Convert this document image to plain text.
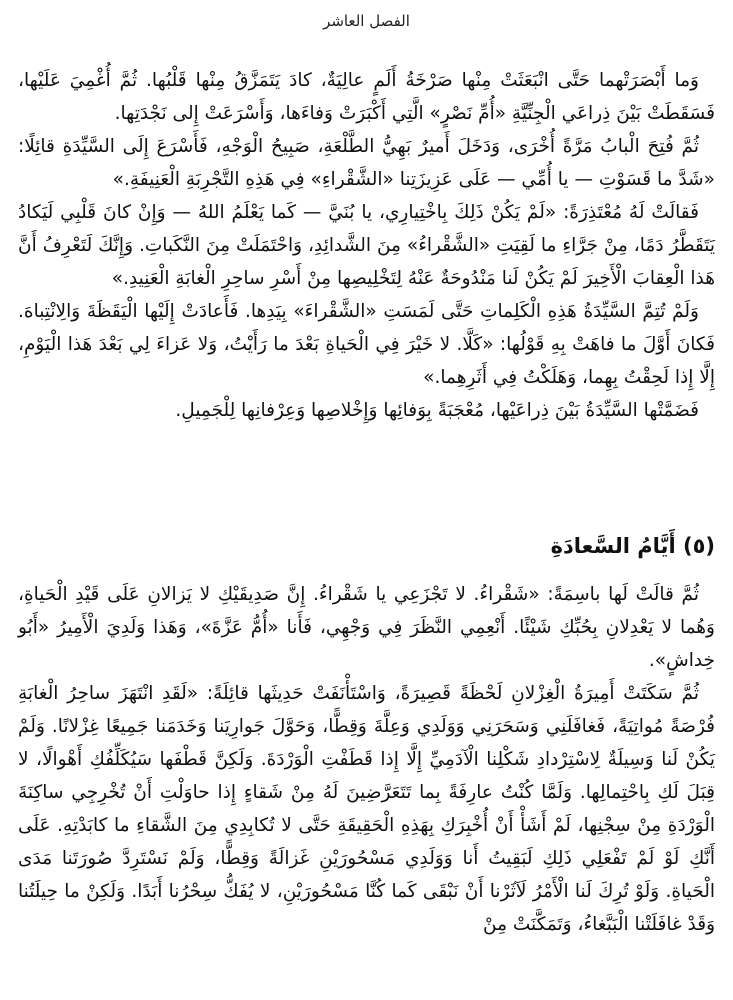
الفصل العاشر

وَما أَبْصَرَتْهما حَتَّى انْبَعَثَتْ مِنْها صَرْخَةُ أَلَمٍ عالِيَةٌ، كادَ يَتَمَزَّقُ مِنْها قَلْبُها. ثُمَّ أُغْمِيَ عَلَيْها، فَسَقَطَتْ بَيْنَ ذِراعَي الْجِنِّيَّةِ «أُمِّ نَصْرٍ» الَّتِي أَكْبَرَتْ وَفاءَها، وَأَسْرَعَتْ إِلى نَجْدَتِها.

ثُمَّ فُتِحَ الْبابُ مَرَّةً أُخْرَى، وَدَخَلَ أَميرٌ بَهِيُّ الطَّلْعَةِ، صَبِيحُ الْوَجْهِ، فَأَسْرَعَ إِلَى السَّيِّدَةِ قائِلًا: «شَدَّ ما قَسَوْتِ — يا أُمِّي — عَلَى عَزِيزَتِنا «الشَّقْراءِ» فِي هَذِهِ التَّجْرِبَةِ الْعَنِيفَةِ.»

فَقالَتْ لَهُ مُعْتَذِرَةً: «لَمْ يَكُنْ ذَلِكَ بِاخْتِيارِي، يا بُنَيَّ — كَما يَعْلَمُ اللهُ — وَإِنْ كانَ قَلْبِي لَيَكادُ يَتَقَطَّرُ دَمًا، مِنْ جَرَّاءِ ما لَقِيَتِ «الشَّقْراءُ» مِنَ الشَّدائِدِ، وَاحْتَمَلَتْ مِنَ النَّكَباتِ. وَإِنَّكَ لَتَعْرِفُ أَنَّ هَذا الْعِقابَ الْأَخِيرَ لَمْ يَكُنْ لَنا مَنْدُوحَةٌ عَنْهُ لِتَخْلِيصِها مِنْ أَسْرِ ساحِرِ الْغابَةِ الْعَنِيدِ.»

وَلَمْ تُتِمَّ السَّيِّدَةُ هَذِهِ الْكَلِماتِ حَتَّى لَمَسَتِ «الشَّقْراءَ» بِيَدِها. فَأَعادَتْ إِلَيْها الْيَقَظَةَ وَالِانْتِباهَ. فَكانَ أَوَّلَ ما فاهَتْ بِهِ قَوْلُها: «كَلَّا. لا خَيْرَ فِي الْحَياةِ بَعْدَ ما رَأَيْتُ، وَلا عَزاءَ لِي بَعْدَ هَذا الْيَوْمِ، إِلَّا إِذا لَحِقْتُ بِهِما، وَهَلَكْتُ فِي أَثَرِهِما.»

فَضَمَّتْها السَّيِّدَةُ بَيْنَ ذِراعَيْها، مُعْجَبَةً بِوَفائِها وَإِخْلاصِها وَعِرْفانِها لِلْجَمِيلِ.

(٥) أَيَّامُ السَّعادَةِ

ثُمَّ قالَتْ لَها باسِمَةً: «شَقْراءُ. لا تَجْزَعِي يا شَقْراءُ. إِنَّ صَدِيقَيْكِ لا يَزالانِ عَلَى قَيْدِ الْحَياةِ، وَهُما لا يَعْدِلانِ بِحُبِّكِ شَيْئًا. أَنْعِمِي النَّظَرَ فِي وَجْهِي، فَأَنا «أُمُّ عَزَّةَ»، وَهَذا وَلَدِيَ الْأَمِيرُ «أَبُو خِداشٍ».

ثُمَّ سَكَتَتْ أَمِيرَةُ الْغِزْلانِ لَحْظَةً قَصِيرَةً، وَاسْتَأْنَفَتْ حَدِيثَها قائِلَةً: «لَقَدِ انْتَهَزَ ساحِرُ الْغابَةِ فُرْصَةً مُواتِيَةً، فَغافَلَنِي وَسَحَرَنِي وَوَلَدِي وَعِلَّةَ وَقِطًّا، وَحَوَّلَ جَوارِيَنا وَخَدَمَنا جَمِيعًا غِزْلانًا. وَلَمْ يَكُنْ لَنا وَسِيلَةٌ لِاسْتِرْدادِ شَكْلِنا الْآدَمِيِّ إِلَّا إِذا قَطَفْتِ الْوَرْدَةَ. وَلَكِنَّ قَطْفَها سَيُكَلِّفُكِ أَهْوالًا، لا قِبَلَ لَكِ بِاحْتِمالِها. وَلَمَّا كُنْتُ عارِفَةً بِما تَتَعَرَّضِينَ لَهُ مِنْ شَقاءٍ إِذا حاوَلْتِ أَنْ تُخْرِجِي ساكِنَةَ الْوَرْدَةِ مِنْ سِجْنِها، لَمْ أَشَأْ أَنْ أُخْبِرَكِ بِهَذِهِ الْحَقِيقَةِ حَتَّى لا تُكابِدِي مِنَ الشَّقاءِ ما كابَدْتِهِ. عَلَى أَنَّكِ لَوْ لَمْ تَفْعَلِي ذَلِكِ لَبَقِيتُ أَنا وَوَلَدِي مَسْحُورَيْنِ غَزالَةً وَقِطًّا، وَلَمْ نَسْتَرِدَّ صُورَتَنا مَدَى الْحَياةِ. وَلَوْ تُرِكَ لَنا الْأَمْرُ لَآثَرْنا أَنْ نَبْقَى كَما كُنَّا مَسْحُورَيْنِ، لا يُفَكُّ سِحْرُنا أَبَدًا. وَلَكِنْ ما حِيلَتُنا وَقَدْ غافَلَتْنا الْبَبَّغاءُ، وَتَمَكَّنَتْ مِنْ
